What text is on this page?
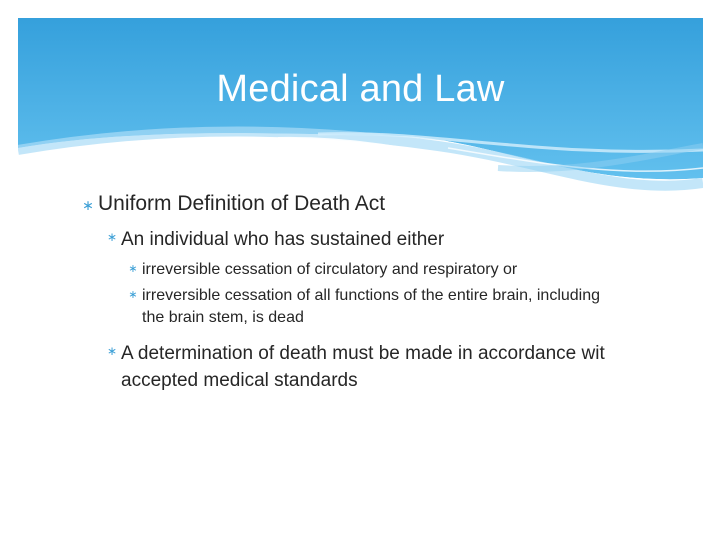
Medical and Law
∗ Uniform Definition of Death Act
∗ An individual who has sustained either
∗ irreversible cessation of circulatory and respiratory or
∗ irreversible cessation of all functions of the entire brain, including the brain stem, is dead
∗ A determination of death must be made in accordance wit accepted medical standards
